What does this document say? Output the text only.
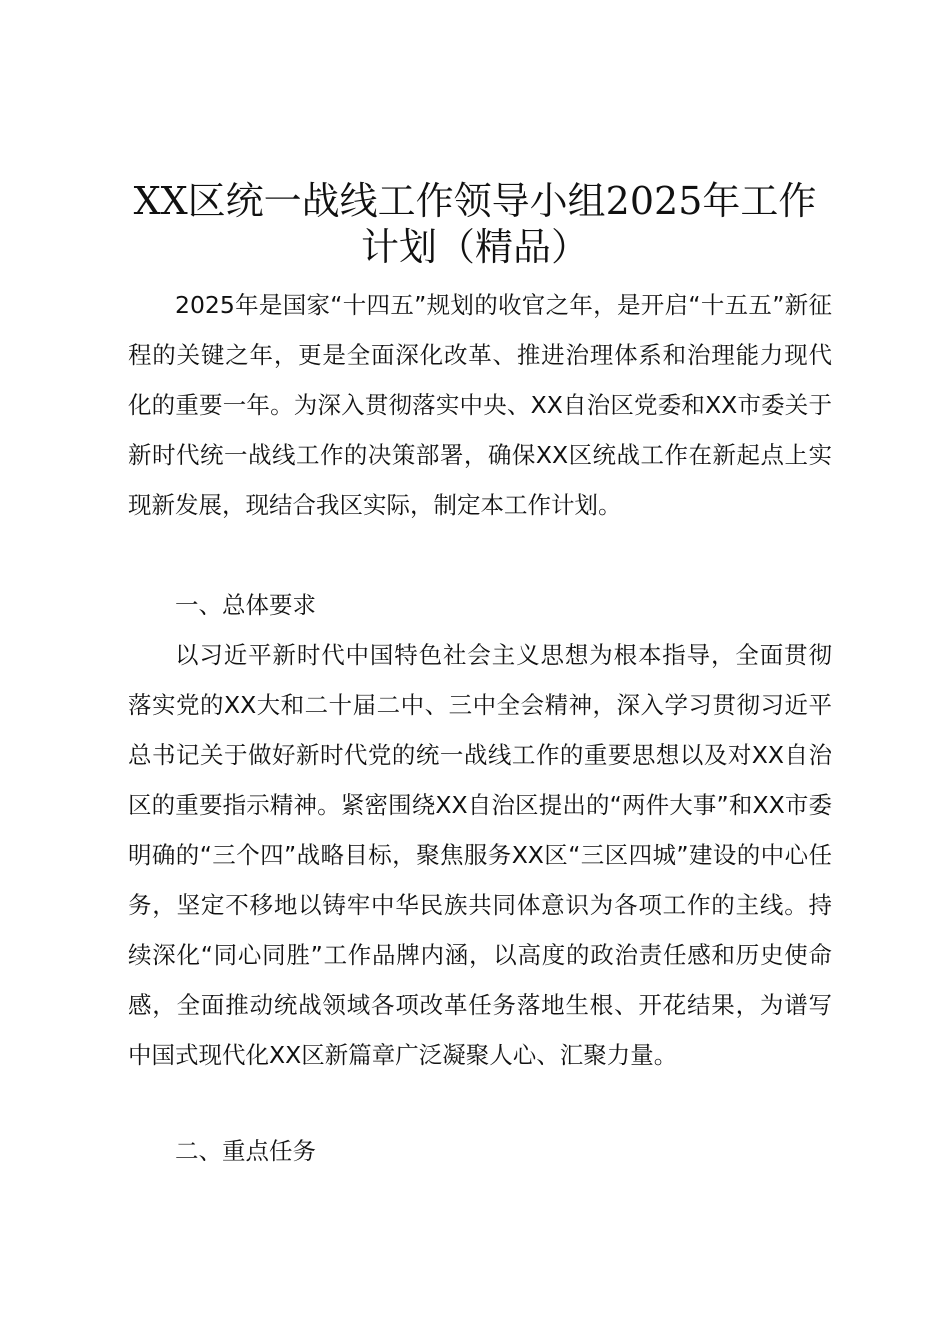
XX区统一战线工作领导小组2025年工作计划（精品）

2025年是国家“十四五”规划的收官之年，是开启“十五五”新征程的关键之年，更是全面深化改革、推进治理体系和治理能力现代化的重要一年。为深入贯彻落实中央、XX自治区党委和XX市委关于新时代统一战线工作的决策部署，确保XX区统战工作在新起点上实现新发展，现结合我区实际，制定本工作计划。

一、总体要求

以习近平新时代中国特色社会主义思想为根本指导，全面贯彻落实党的XX大和二十届二中、三中全会精神，深入学习贯彻习近平总书记关于做好新时代党的统一战线工作的重要思想以及对XX自治区的重要指示精神。紧密围绕XX自治区提出的“两件大事”和XX市委明确的“三个四”战略目标，聚焦服务XX区“三区四城”建设的中心任务，坚定不移地以铸牢中华民族共同体意识为各项工作的主线。持续深化“同心同胜”工作品牌内涵，以高度的政治责任感和历史使命感，全面推动统战领域各项改革任务落地生根、开花结果，为谱写中国式现代化XX区新篇章广泛凝聚人心、汇聚力量。

二、重点任务
